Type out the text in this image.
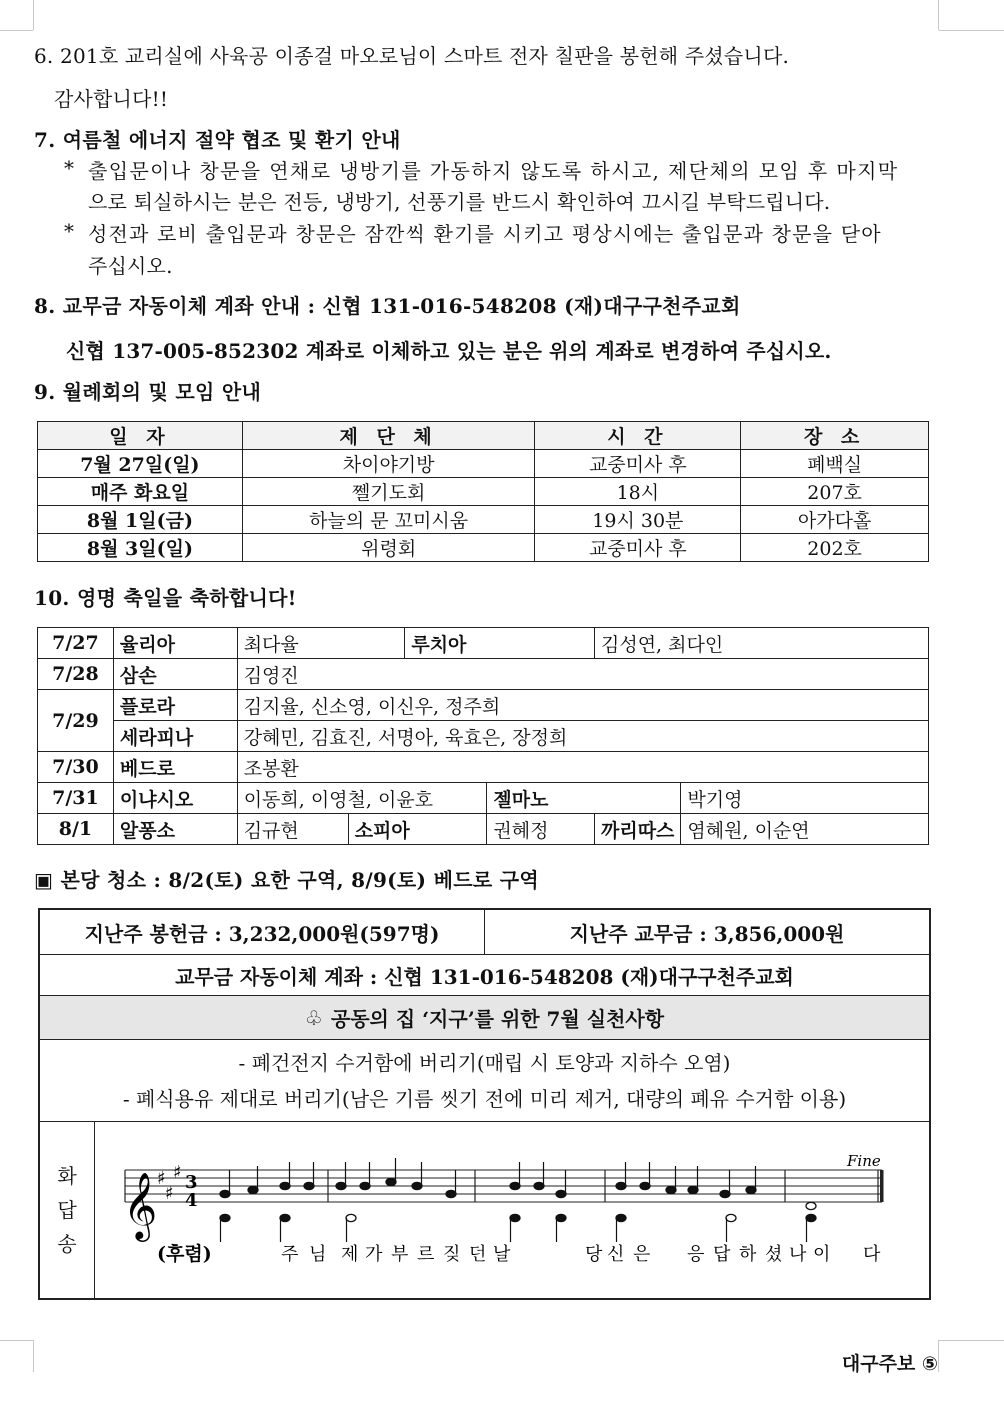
6. 201호 교리실에 사육공 이종걸 마오로님이 스마트 전자 칠판을 봉헌해 주셨습니다.
감사합니다!!
7. 여름철 에너지 절약 협조 및 환기 안내
* 출입문이나 창문을 연채로 냉방기를 가동하지 않도록 하시고, 제단체의 모임 후 마지막
으로 퇴실하시는 분은 전등, 냉방기, 선풍기를 반드시 확인하여 끄시길 부탁드립니다.
* 성전과 로비 출입문과 창문은 잠깐씩 환기를 시키고 평상시에는 출입문과 창문을 닫아
주십시오.
8. 교무금 자동이체 계좌 안내 : 신협 131-016-548208 (재)대구구천주교회
신협 137-005-852302 계좌로 이체하고 있는 분은 위의 계좌로 변경하여 주십시오.
9. 월례회의 및 모임 안내
일 자	제 단 체	시 간	장 소
7월 27일(일)	차이야기방	교중미사 후	폐백실
매주 화요일	쩰기도회	18시	207호
8월 1일(금)	하늘의 문 꼬미시움	19시 30분	아가다홀
8월 3일(일)	위령회	교중미사 후	202호
10. 영명 축일을 축하합니다!
7/27	율리아	최다율		루치아		김성연, 최다인	
7/28	삼손	김영진					
7/29	플로라	김지율, 신소영, 이신우, 정주희					
	세라피나	강혜민, 김효진, 서명아, 육효은, 장정희					
7/30	베드로	조봉환					
7/31	이냐시오	이동희, 이영철, 이윤호			젤마노		박기영
8/1	알퐁소	김규현	소피아		권혜정	까리따스	염혜원, 이순연
▣ 본당 청소 : 8/2(토) 요한 구역, 8/9(토) 베드로 구역
지난주 봉헌금 : 3,232,000원(597명)	지난주 교무금 : 3,856,000원
교무금 자동이체 계좌 : 신협 131-016-548208 (재)대구구천주교회
♧ 공동의 집 ‘지구’를 위한 7월 실천사항
- 폐건전지 수거함에 버리기(매립 시 토양과 지하수 오염)
- 폐식용유 제대로 버리기(남은 기름 씻기 전에 미리 제거, 대량의 폐유 수거함 이용)
화
답
송
𝄞 ♯
♯
♯ 3
4
Fine
(후렴)	주 님 제 가 부 르 짖 던 날	당 신 은 응 답 하 셨 나 이 다
대구주보 ⑤
